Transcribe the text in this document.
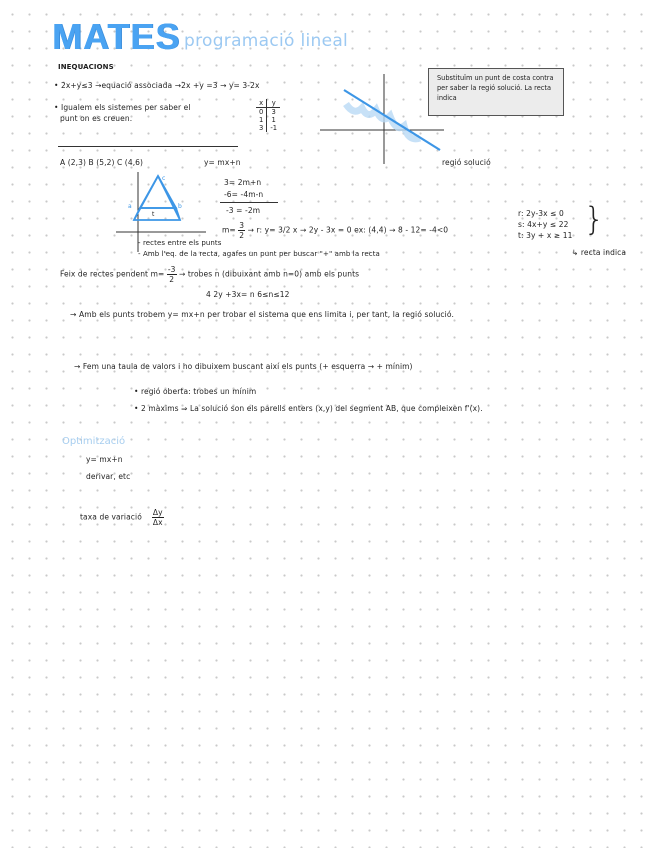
MATES programació lineal
INEQUACIONS
• 2x+y≤3 →equació associada →2x +y =3 → y= 3-2x
• Igualem els sistemes per saber el
punt on es creuen.
x	y
0	3
1	1
3	-1
Substituïm un punt de costa contra per saber la regió solució. La recta indica
regió solució
A (2,3) B (5,2) C (4,6)	y= mx+n
c
a	b
t
3= 2m+n
-6= -4m-n
-3 = -2m
$m= \frac{3}{2} \to r$: y= 3/2 x → 2y - 3x = 0 ex: (4,4) → 8 - 12= -4<0
r: 2y-3x ≤ 0
s: 4x+y ≤ 22
t: 3y + x ≥ 11 }
↳ recta indica
- rectes entre els punts
- Amb l'eq. de la recta, agafes un punt per buscar "+" amb la recta
Feix de rectes pendent $m= \frac{-3}{2}$ → trobes n (dibuixant amb n=0) amb els punts
4 2y +3x= n 6≤n≤12
→ Amb els punts trobem y= mx+n per trobar el sistema que ens limita i, per tant, la regió solució.
→ Fem una taula de valors i ho dibuixem buscant així els punts (+ esquerra → + mínim)
• regió oberta: trobes un mínim
• 2 màxims ⇒ La solució son els parells enters (x,y) del segment AB, que compleixen f'(x).
Optimització
y= mx+n
derivar, etc
taxa de variació $\frac{\Delta y}{\Delta x}$
